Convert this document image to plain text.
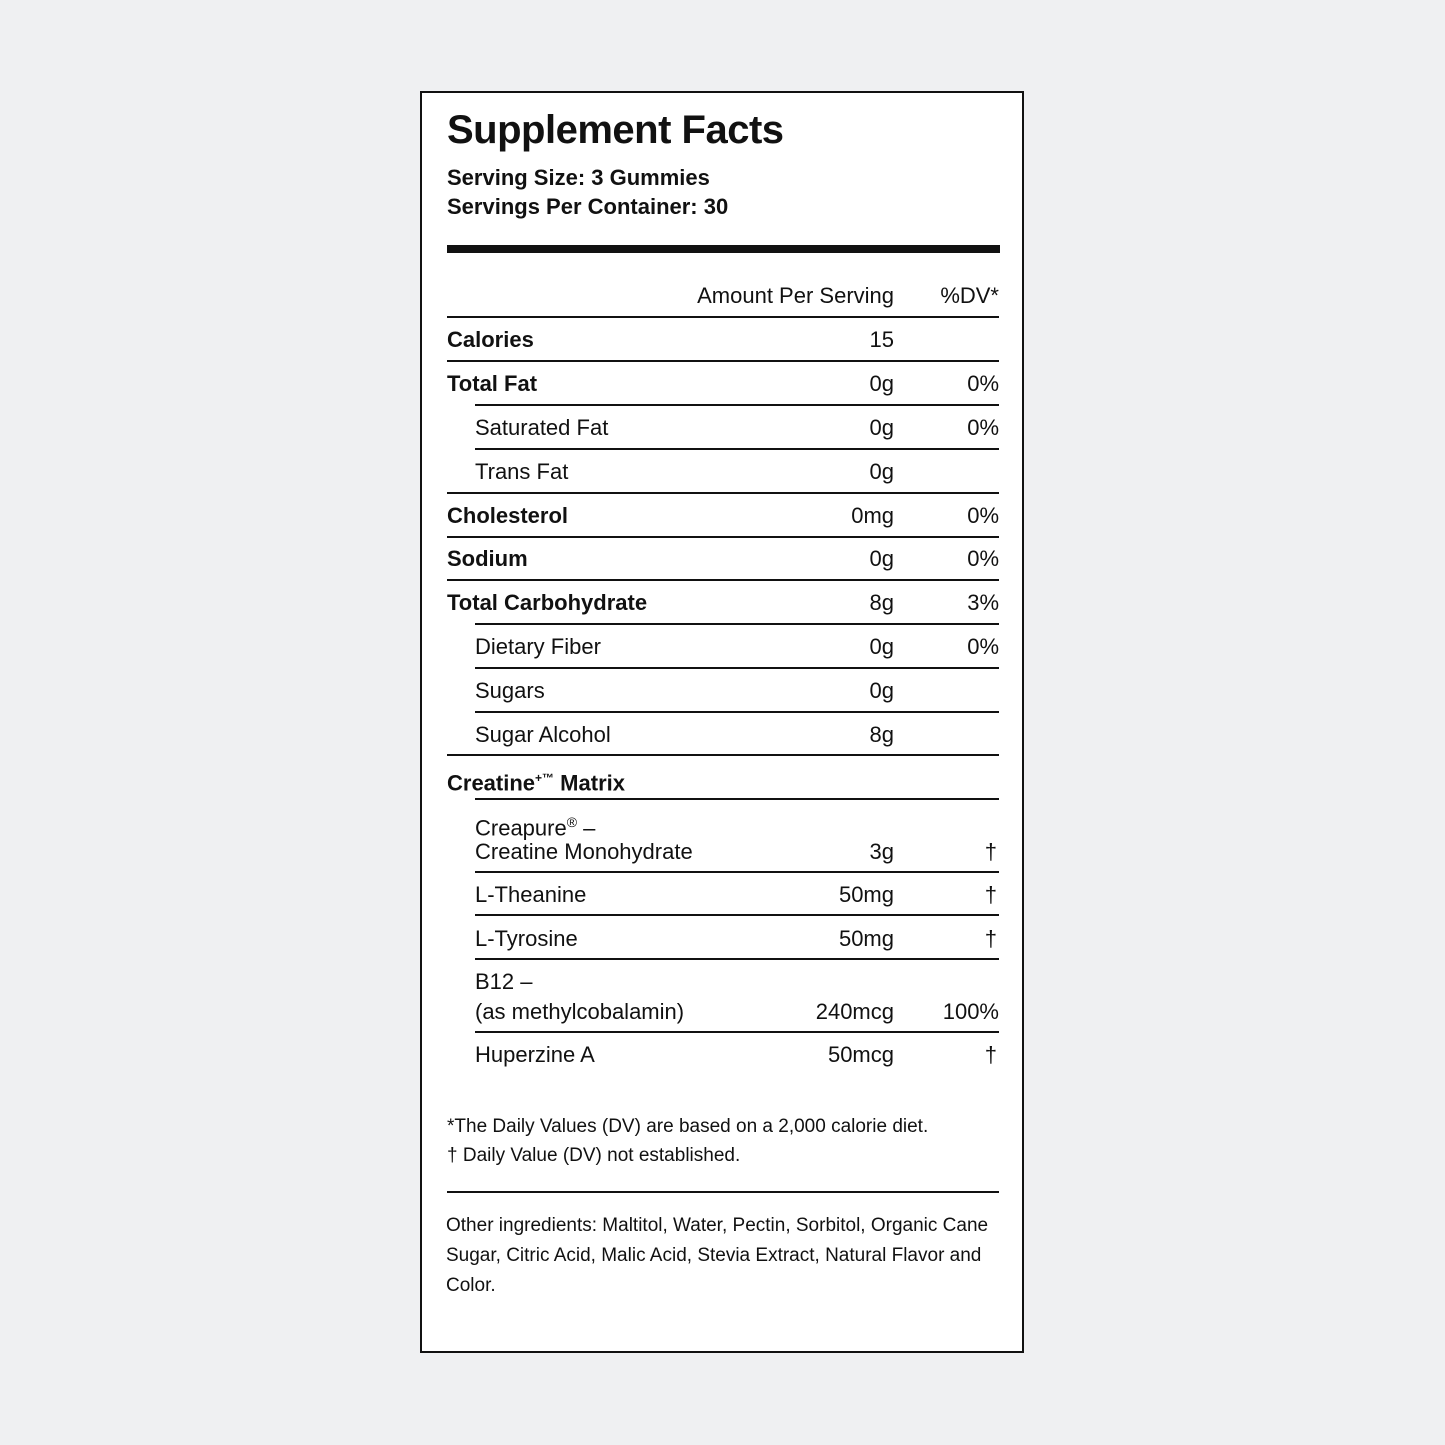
Supplement Facts
Serving Size: 3 Gummies
Servings Per Container: 30
Amount Per Serving %DV*
Calories	15
Total Fat	0g	0%
Saturated Fat	0g	0%
Trans Fat	0g
Cholesterol	0mg	0%
Sodium	0g	0%
Total Carbohydrate	8g	3%
Dietary Fiber	0g	0%
Sugars	0g
Sugar Alcohol	8g
Creatine+™ Matrix
Creapure® –
Creatine Monohydrate	3g	†
L-Theanine	50mg	†
L-Tyrosine	50mg	†
B12 –
(as methylcobalamin)	240mcg 100%
Huperzine A	50mcg	†
*The Daily Values (DV) are based on a 2,000 calorie diet.
† Daily Value (DV) not established.
Other ingredients: Maltitol, Water, Pectin, Sorbitol, Organic Cane Sugar, Citric Acid, Malic Acid, Stevia Extract, Natural Flavor and Color.
